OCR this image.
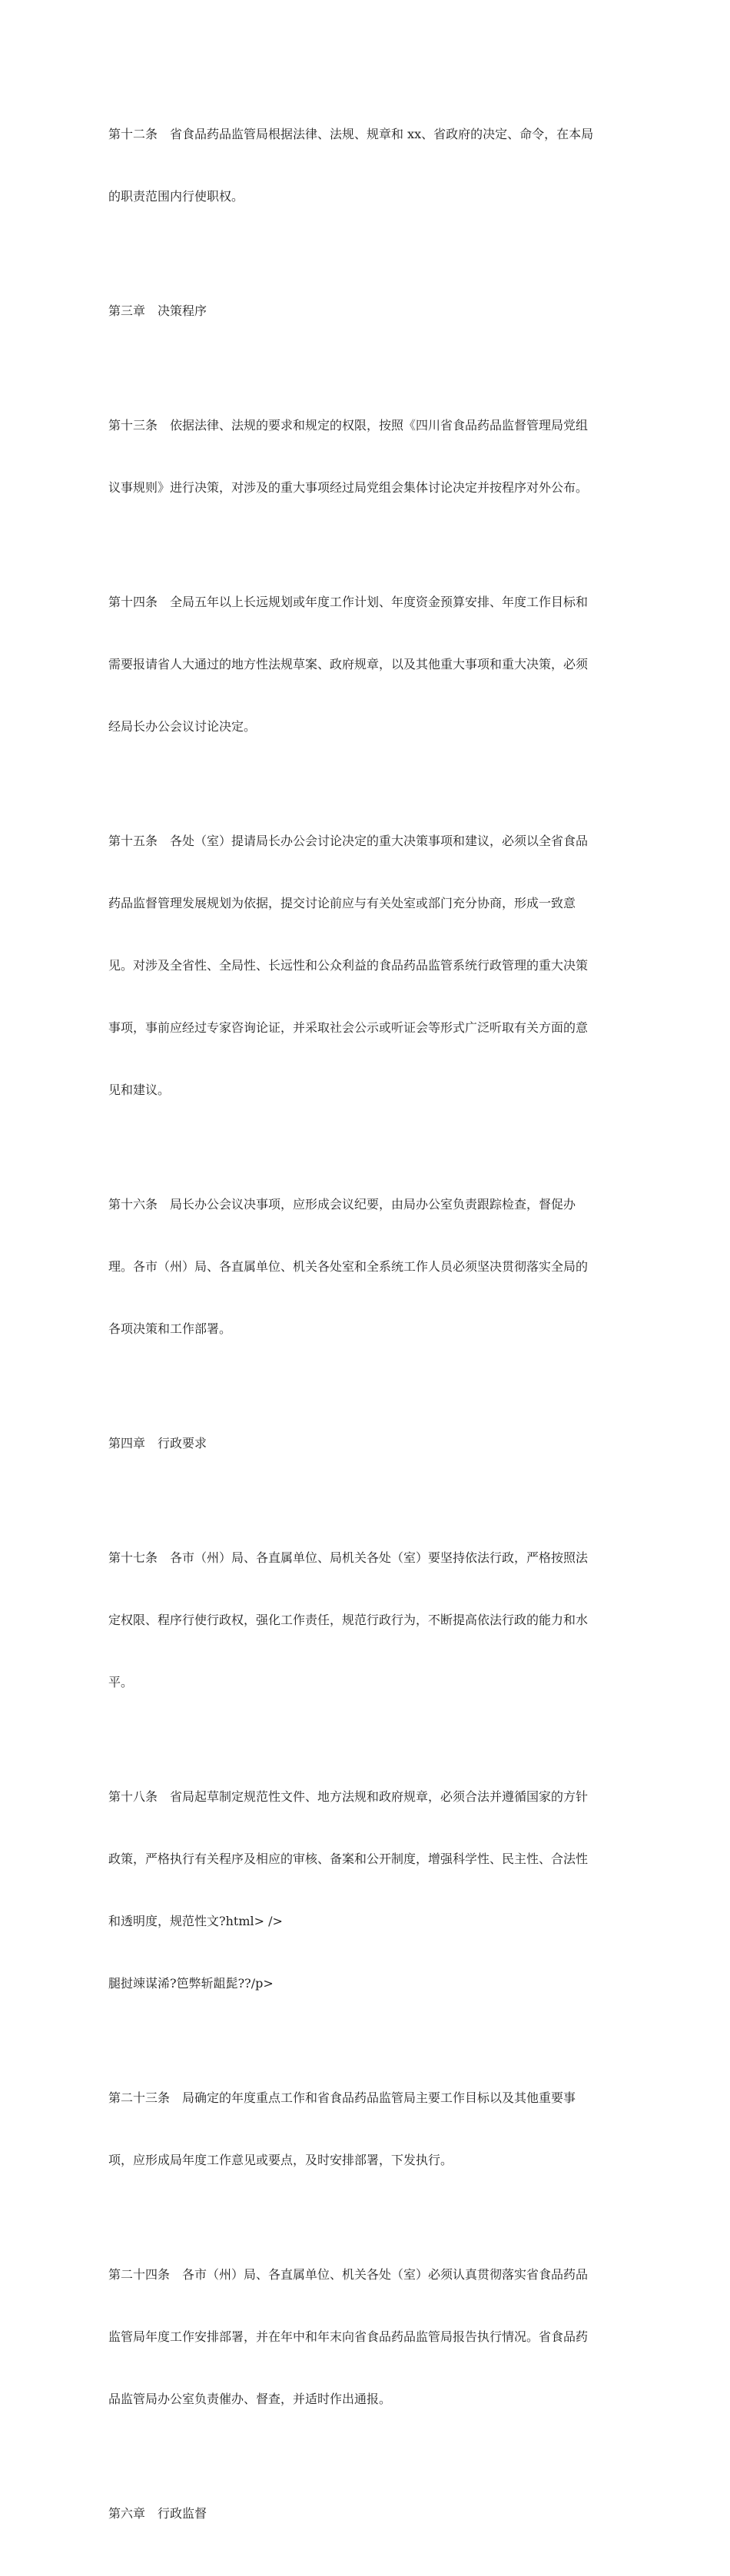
第十二条　省食品药品监管局根据法律、法规、规章和 xx、省政府的决定、命令，在本局

的职责范围内行使职权。

第三章　决策程序

第十三条　依据法律、法规的要求和规定的权限，按照《四川省食品药品监督管理局党组

议事规则》进行决策，对涉及的重大事项经过局党组会集体讨论决定并按程序对外公布。

第十四条　全局五年以上长远规划或年度工作计划、年度资金预算安排、年度工作目标和

需要报请省人大通过的地方性法规草案、政府规章，以及其他重大事项和重大决策，必须

经局长办公会议讨论决定。

第十五条　各处（室）提请局长办公会讨论决定的重大决策事项和建议，必须以全省食品

药品监督管理发展规划为依据，提交讨论前应与有关处室或部门充分协商，形成一致意

见。对涉及全省性、全局性、长远性和公众利益的食品药品监管系统行政管理的重大决策

事项，事前应经过专家咨询论证，并采取社会公示或听证会等形式广泛听取有关方面的意

见和建议。

第十六条　局长办公会议决事项，应形成会议纪要，由局办公室负责跟踪检查，督促办

理。各市（州）局、各直属单位、机关各处室和全系统工作人员必须坚决贯彻落实全局的

各项决策和工作部署。

第四章　行政要求

第十七条　各市（州）局、各直属单位、局机关各处（室）要坚持依法行政，严格按照法

定权限、程序行使行政权，强化工作责任，规范行政行为，不断提高依法行政的能力和水

平。

第十八条　省局起草制定规范性文件、地方法规和政府规章，必须合法并遵循国家的方针

政策，严格执行有关程序及相应的审核、备案和公开制度，增强科学性、民主性、合法性

和透明度，规范性文?html> />

腿挝竦谋浠?笆弊斩龃髭??/p>

第二十三条　局确定的年度重点工作和省食品药品监管局主要工作目标以及其他重要事

项，应形成局年度工作意见或要点，及时安排部署，下发执行。

第二十四条　各市（州）局、各直属单位、机关各处（室）必须认真贯彻落实省食品药品

监管局年度工作安排部署，并在年中和年末向省食品药品监管局报告执行情况。省食品药

品监管局办公室负责催办、督查，并适时作出通报。

第六章　行政监督
